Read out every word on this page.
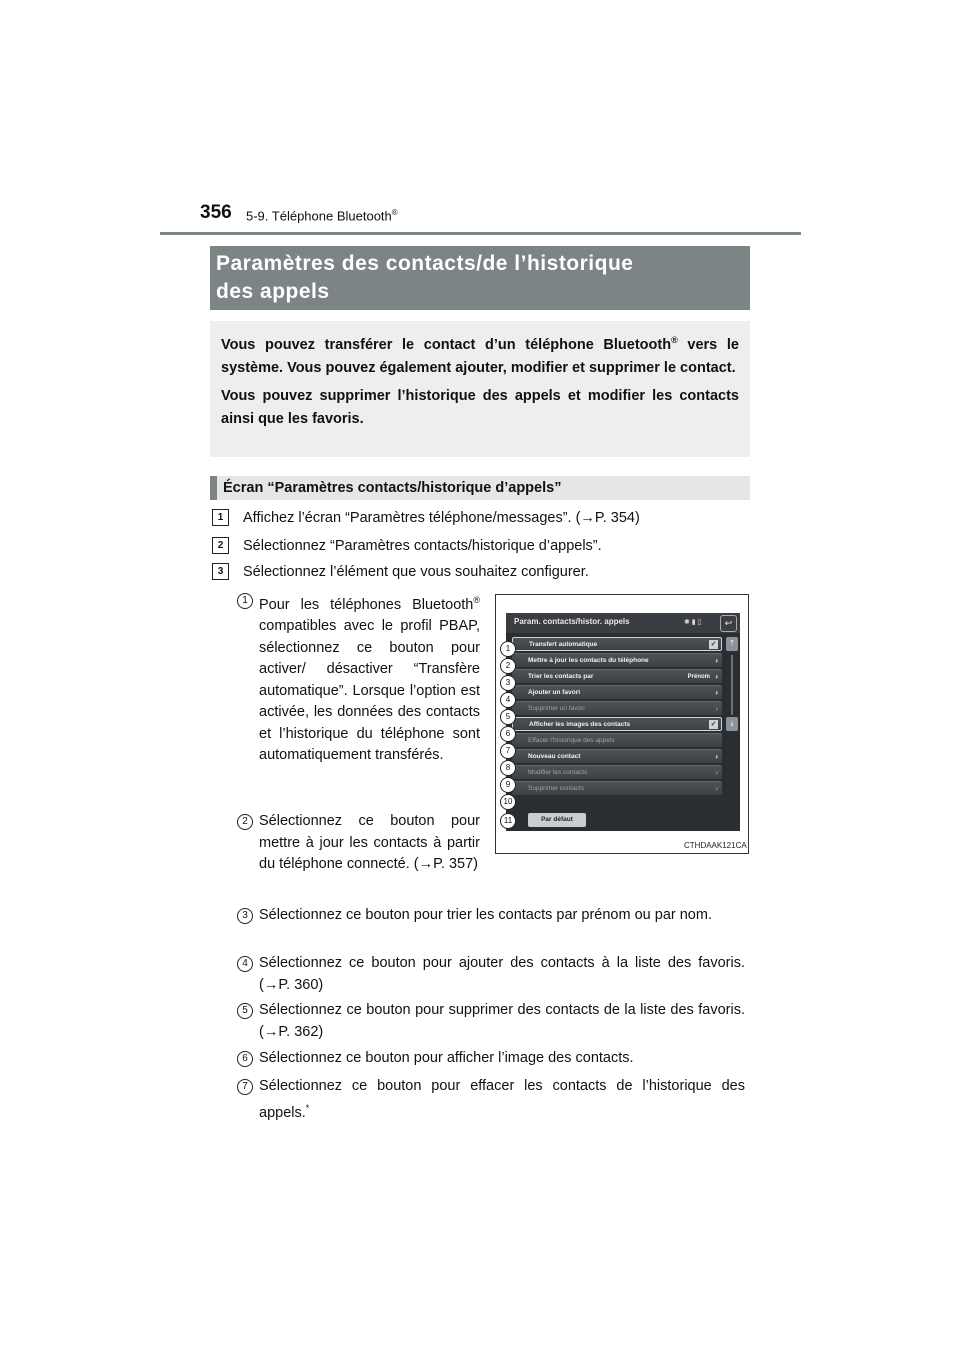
356 5-9. Téléphone Bluetooth®
Paramètres des contacts/de l’historique
des appels

Vous pouvez transférer le contact d’un téléphone Bluetooth® vers le système. Vous pouvez également ajouter, modifier et supprimer le contact.

Vous pouvez supprimer l’historique des appels et modifier les contacts ainsi que les favoris.

Écran “Paramètres contacts/historique d’appels”
1	Affichez l’écran “Paramètres téléphone/messages”. (→P. 354)
2	Sélectionnez “Paramètres contacts/historique d’appels”.
3	Sélectionnez l’élément que vous souhaitez configurer.
1 Pour les téléphones Bluetooth® compatibles avec le profil PBAP, sélectionnez ce bouton pour activer/ désactiver “Transfère automatique”. Lorsque l’option est activée, les données des contacts et l’historique du téléphone sont automatiquement transférés.
2 Sélectionnez ce bouton pour mettre à jour les contacts à partir du téléphone connecté. (→P. 357)
3 Sélectionnez ce bouton pour trier les contacts par prénom ou par nom.
4 Sélectionnez ce bouton pour ajouter des contacts à la liste des favoris. (→P. 360)
5 Sélectionnez ce bouton pour supprimer des contacts de la liste des favoris. (→P. 362)
6 Sélectionnez ce bouton pour afficher l’image des contacts.
7 Sélectionnez ce bouton pour effacer les contacts de l’historique des appels.*
Param. contacts/histor. appels	✱ ▮ ▯	↩
Transfert automatique	✓
Mettre à jour les contacts du téléphone	›
Trier les contacts par	Prénom ›
Ajouter un favori	›
Supprimer un favori	›
Afficher les images des contacts	✓
Effacer l’historique des appels
Nouveau contact	›
Modifier les contacts	›
Supprimer contacts	›
⤒
⤓
Par défaut
1
2
3
4
5
6
7
8
9
10
11
CTHDAAK121CA
